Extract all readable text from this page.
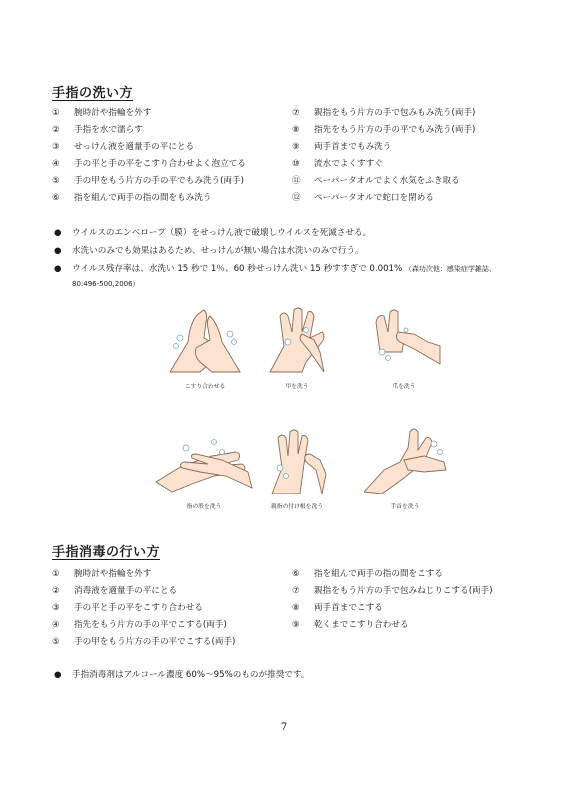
手指の洗い方
① 腕時計や指輪を外す
② 手指を水で濡らす
③ せっけん液を適量手の平にとる
④ 手の平と手の平をこすり合わせよく泡立てる
⑤ 手の甲をもう片方の手の平でもみ洗う(両手)
⑥ 指を組んで両手の指の間をもみ洗う
⑦ 親指をもう片方の手で包みもみ洗う(両手)
⑧ 指先をもう片方の手の平でもみ洗う(両手)
⑨ 両手首までもみ洗う
⑩ 流水でよくすすぐ
⑪ ペーパータオルでよく水気をふき取る
⑫ ペーパータオルで蛇口を閉める
● ウイルスのエンベロープ（膜）をせっけん液で破壊しウイルスを死滅させる。
● 水洗いのみでも効果はあるため、せっけんが無い場合は水洗いのみで行う。
● ウイルス残存率は、水洗い 15 秒で 1％、60 秒せっけん洗い 15 秒すすぎで 0.001% （森功次他：感染症学雑誌、80:496-500,2006）
こすり合わせる	甲を洗う	爪を洗う
指の股を洗う	親指の付け根を洗う	手首を洗う
手指消毒の行い方
① 腕時計や指輪を外す
② 消毒液を適量手の平にとる
③ 手の平と手の平をこすり合わせる
④ 指先をもう片方の手の平でこする(両手)
⑤ 手の甲をもう片方の手の平でこする(両手)
⑥ 指を組んで両手の指の間をこする
⑦ 親指をもう片方の手で包みねじりこする(両手)
⑧ 両手首までこする
⑨ 乾くまでこすり合わせる
● 手指消毒剤はアルコール濃度 60%～95%のものが推奨です。
7
